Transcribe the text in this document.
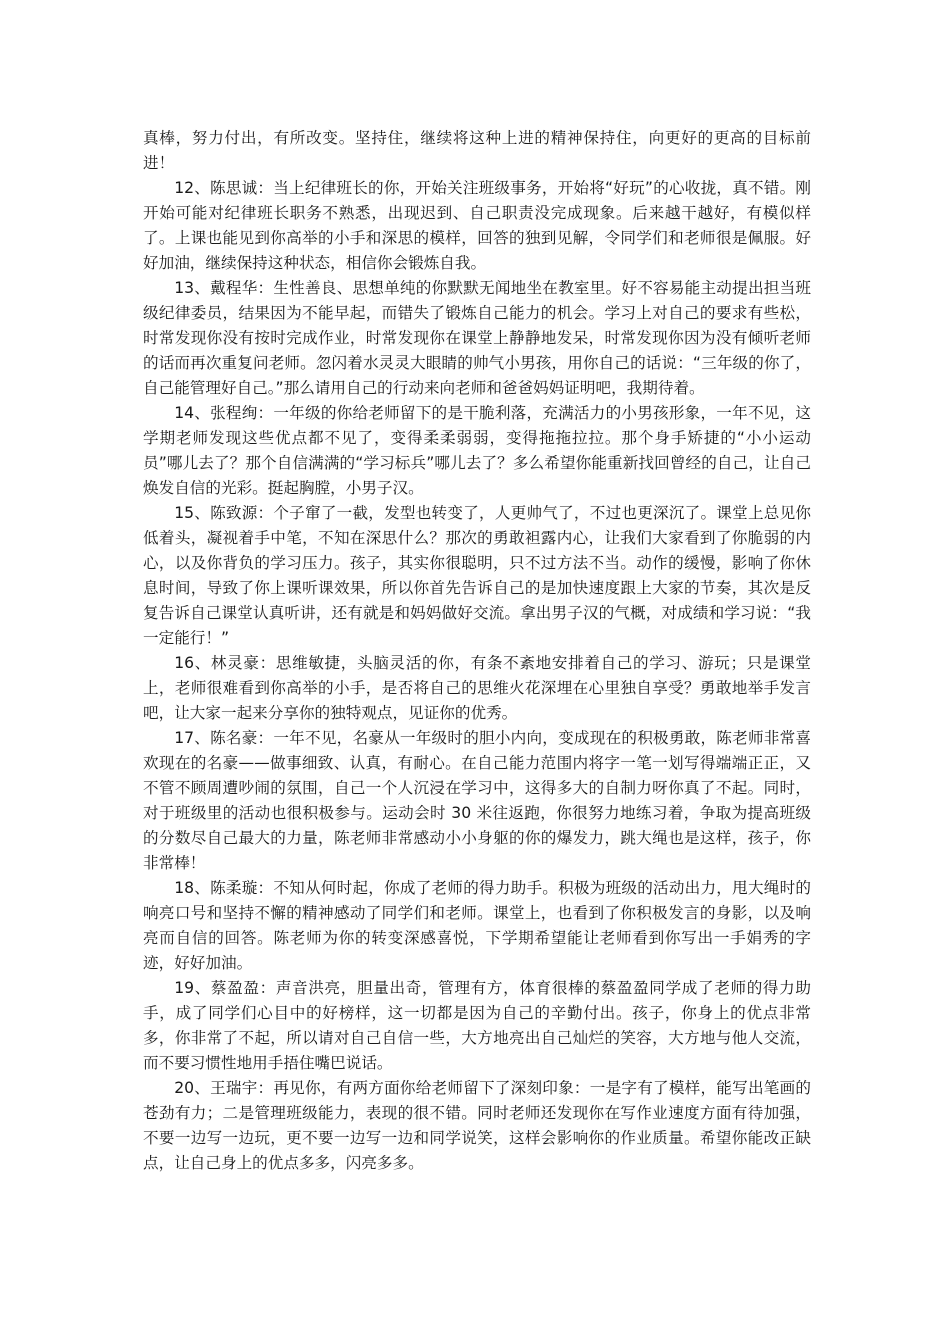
真棒，努力付出，有所改变。坚持住，继续将这种上进的精神保持住，向更好的更高的目标前进！

12、陈思诚：当上纪律班长的你，开始关注班级事务，开始将“好玩”的心收拢，真不错。刚开始可能对纪律班长职务不熟悉，出现迟到、自己职责没完成现象。后来越干越好，有模似样了。上课也能见到你高举的小手和深思的模样，回答的独到见解，令同学们和老师很是佩服。好好加油，继续保持这种状态，相信你会锻炼自我。

13、戴程华：生性善良、思想单纯的你默默无闻地坐在教室里。好不容易能主动提出担当班级纪律委员，结果因为不能早起，而错失了锻炼自己能力的机会。学习上对自己的要求有些松，时常发现你没有按时完成作业，时常发现你在课堂上静静地发呆，时常发现你因为没有倾听老师的话而再次重复问老师。忽闪着水灵灵大眼睛的帅气小男孩，用你自己的话说：“三年级的你了，自己能管理好自己。”那么请用自己的行动来向老师和爸爸妈妈证明吧，我期待着。

14、张程绚：一年级的你给老师留下的是干脆利落，充满活力的小男孩形象，一年不见，这学期老师发现这些优点都不见了，变得柔柔弱弱，变得拖拖拉拉。那个身手矫捷的“小小运动员”哪儿去了？那个自信满满的“学习标兵”哪儿去了？多么希望你能重新找回曾经的自己，让自己焕发自信的光彩。挺起胸膛，小男子汉。

15、陈致源：个子窜了一截，发型也转变了，人更帅气了，不过也更深沉了。课堂上总见你低着头，凝视着手中笔，不知在深思什么？那次的勇敢袒露内心，让我们大家看到了你脆弱的内心，以及你背负的学习压力。孩子，其实你很聪明，只不过方法不当。动作的缓慢，影响了你休息时间，导致了你上课听课效果，所以你首先告诉自己的是加快速度跟上大家的节奏，其次是反复告诉自己课堂认真听讲，还有就是和妈妈做好交流。拿出男子汉的气概，对成绩和学习说：“我一定能行！”

16、林灵豪：思维敏捷，头脑灵活的你，有条不紊地安排着自己的学习、游玩；只是课堂上，老师很难看到你高举的小手，是否将自己的思维火花深埋在心里独自享受？勇敢地举手发言吧，让大家一起来分享你的独特观点，见证你的优秀。

17、陈名豪：一年不见，名豪从一年级时的胆小内向，变成现在的积极勇敢，陈老师非常喜欢现在的名豪——做事细致、认真，有耐心。在自己能力范围内将字一笔一划写得端端正正，又不管不顾周遭吵闹的氛围，自己一个人沉浸在学习中，这得多大的自制力呀你真了不起。同时，对于班级里的活动也很积极参与。运动会时 30 米往返跑，你很努力地练习着，争取为提高班级的分数尽自己最大的力量，陈老师非常感动小小身躯的你的爆发力，跳大绳也是这样，孩子，你非常棒！

18、陈柔璇：不知从何时起，你成了老师的得力助手。积极为班级的活动出力，甩大绳时的响亮口号和坚持不懈的精神感动了同学们和老师。课堂上，也看到了你积极发言的身影，以及响亮而自信的回答。陈老师为你的转变深感喜悦，下学期希望能让老师看到你写出一手娟秀的字迹，好好加油。

19、蔡盈盈：声音洪亮，胆量出奇，管理有方，体育很棒的蔡盈盈同学成了老师的得力助手，成了同学们心目中的好榜样，这一切都是因为自己的辛勤付出。孩子，你身上的优点非常多，你非常了不起，所以请对自己自信一些，大方地亮出自己灿烂的笑容，大方地与他人交流，而不要习惯性地用手捂住嘴巴说话。

20、王瑞宇：再见你，有两方面你给老师留下了深刻印象：一是字有了模样，能写出笔画的苍劲有力；二是管理班级能力，表现的很不错。同时老师还发现你在写作业速度方面有待加强，不要一边写一边玩，更不要一边写一边和同学说笑，这样会影响你的作业质量。希望你能改正缺点，让自己身上的优点多多，闪亮多多。
